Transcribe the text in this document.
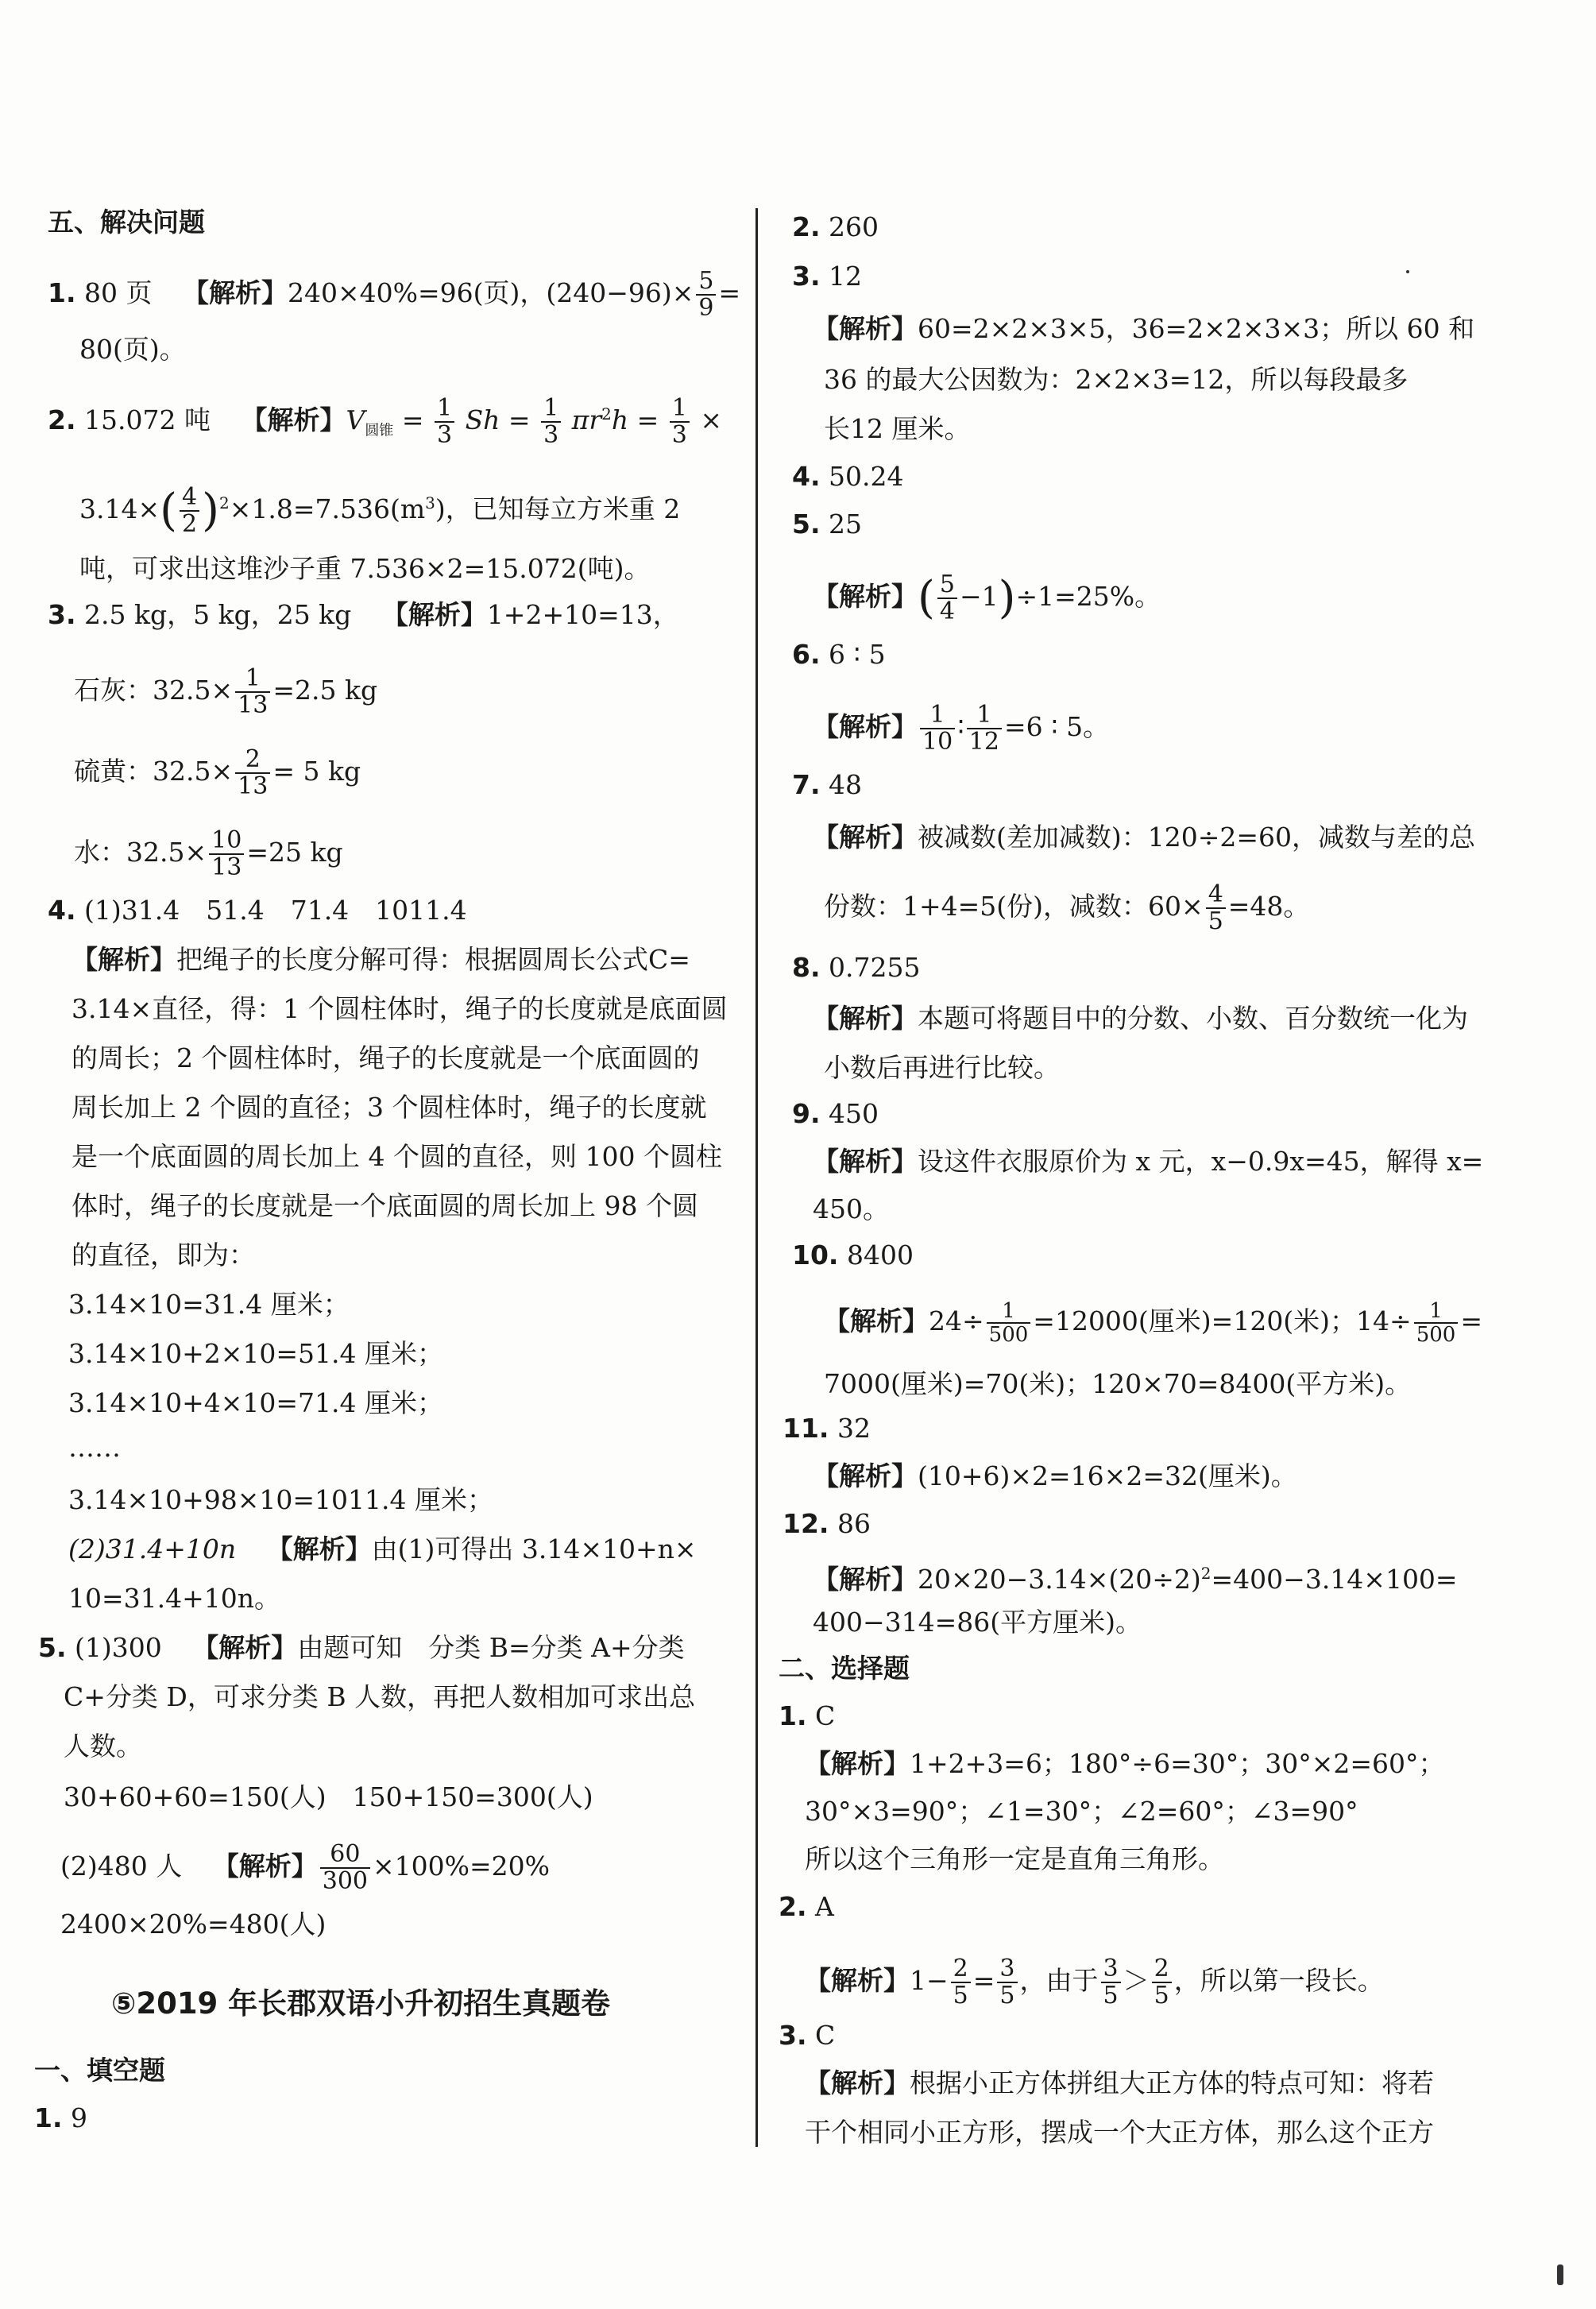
五、解决问题
1. 80 页 【解析】240×40%=96(页)，$(240-96)\times \frac{5}{9}$ =
80(页)。
2. 15.072 吨 【解析】$V_{圆锥} = \frac{1}{3}$ $Sh = \frac{1}{3} \pi r^2h = \frac{1}{3}$ ×
$3.14\times( \frac{4}{2} )^2\times 1.8=7.536(m^3)$，已知每立方米重 2
吨，可求出这堆沙子重 7.536×2=15.072(吨)。
3. 2.5 kg，5 kg，25 kg 【解析】1+2+10=13，
石灰：$32.5\times \frac{1}{13} =2.5$ kg
硫黄：$32.5\times \frac{2}{13} = 5$ kg
水：$32.5\times \frac{10}{13} =25$ kg
4. (1)31.4　51.4　71.4　1011.4
【解析】把绳子的长度分解可得：根据圆周长公式C=
3.14×直径，得：1 个圆柱体时，绳子的长度就是底面圆
的周长；2 个圆柱体时，绳子的长度就是一个底面圆的
周长加上 2 个圆的直径；3 个圆柱体时，绳子的长度就
是一个底面圆的周长加上 4 个圆的直径，则 100 个圆柱
体时，绳子的长度就是一个底面圆的周长加上 98 个圆
的直径，即为：
3.14×10=31.4 厘米；
3.14×10+2×10=51.4 厘米；
3.14×10+4×10=71.4 厘米；
……
3.14×10+98×10=1011.4 厘米；
(2)31.4+10n 【解析】由(1)可得出 3.14×10+n×
10=31.4+10n。
5. (1)300 【解析】由题可知　分类 B=分类 A+分类
C+分类 D，可求分类 B 人数，再把人数相加可求出总
人数。
30+60+60=150(人)　150+150=300(人)
(2)480 人 【解析】 $\frac{60}{300} \times 100\%=20\%$
2400×20%=480(人)
⑤2019 年长郡双语小升初招生真题卷
一、填空题
1. 9
2. 260
3. 12
【解析】60=2×2×3×5，36=2×2×3×3；所以 60 和
36 的最大公因数为：2×2×3=12，所以每段最多
长12 厘米。
4. 50.24
5. 25
【解析】( $\frac{5}{4} -1)\div 1=25\%$。
6. 6 ∶ 5
【解析】 $\frac{1}{10}$ ∶ $\frac{1}{12} =6$ ∶ 5。
7. 48
【解析】被减数(差加减数)：120÷2=60，减数与差的总
份数：1+4=5(份)，减数：$60\times \frac{4}{5} =48$。
8. 0.7255
【解析】本题可将题目中的分数、小数、百分数统一化为
小数后再进行比较。
9. 450
【解析】设这件衣服原价为 x 元，x−0.9x=45，解得 x=
450。
10. 8400
【解析】$24\div \frac{1}{500} =12000$(厘米)=120(米)；$14\div \frac{1}{500}$ =
7000(厘米)=70(米)；120×70=8400(平方米)。
11. 32
【解析】(10+6)×2=16×2=32(厘米)。
12. 86
【解析】$20\times 20-3.14\times(20\div 2)^2=400-3.14\times 100=$
400−314=86(平方厘米)。
二、选择题
1. C
【解析】1+2+3=6；180°÷6=30°；30°×2=60°；
30°×3=90°；∠1=30°；∠2=60°；∠3=90°
所以这个三角形一定是直角三角形。
2. A
【解析】$1- \frac{2}{5} = \frac{3}{5}$ ，由于 $\frac{3}{5} > \frac{2}{5}$ ，所以第一段长。
3. C
【解析】根据小正方体拼组大正方体的特点可知：将若
干个相同小正方形，摆成一个大正方体，那么这个正方
